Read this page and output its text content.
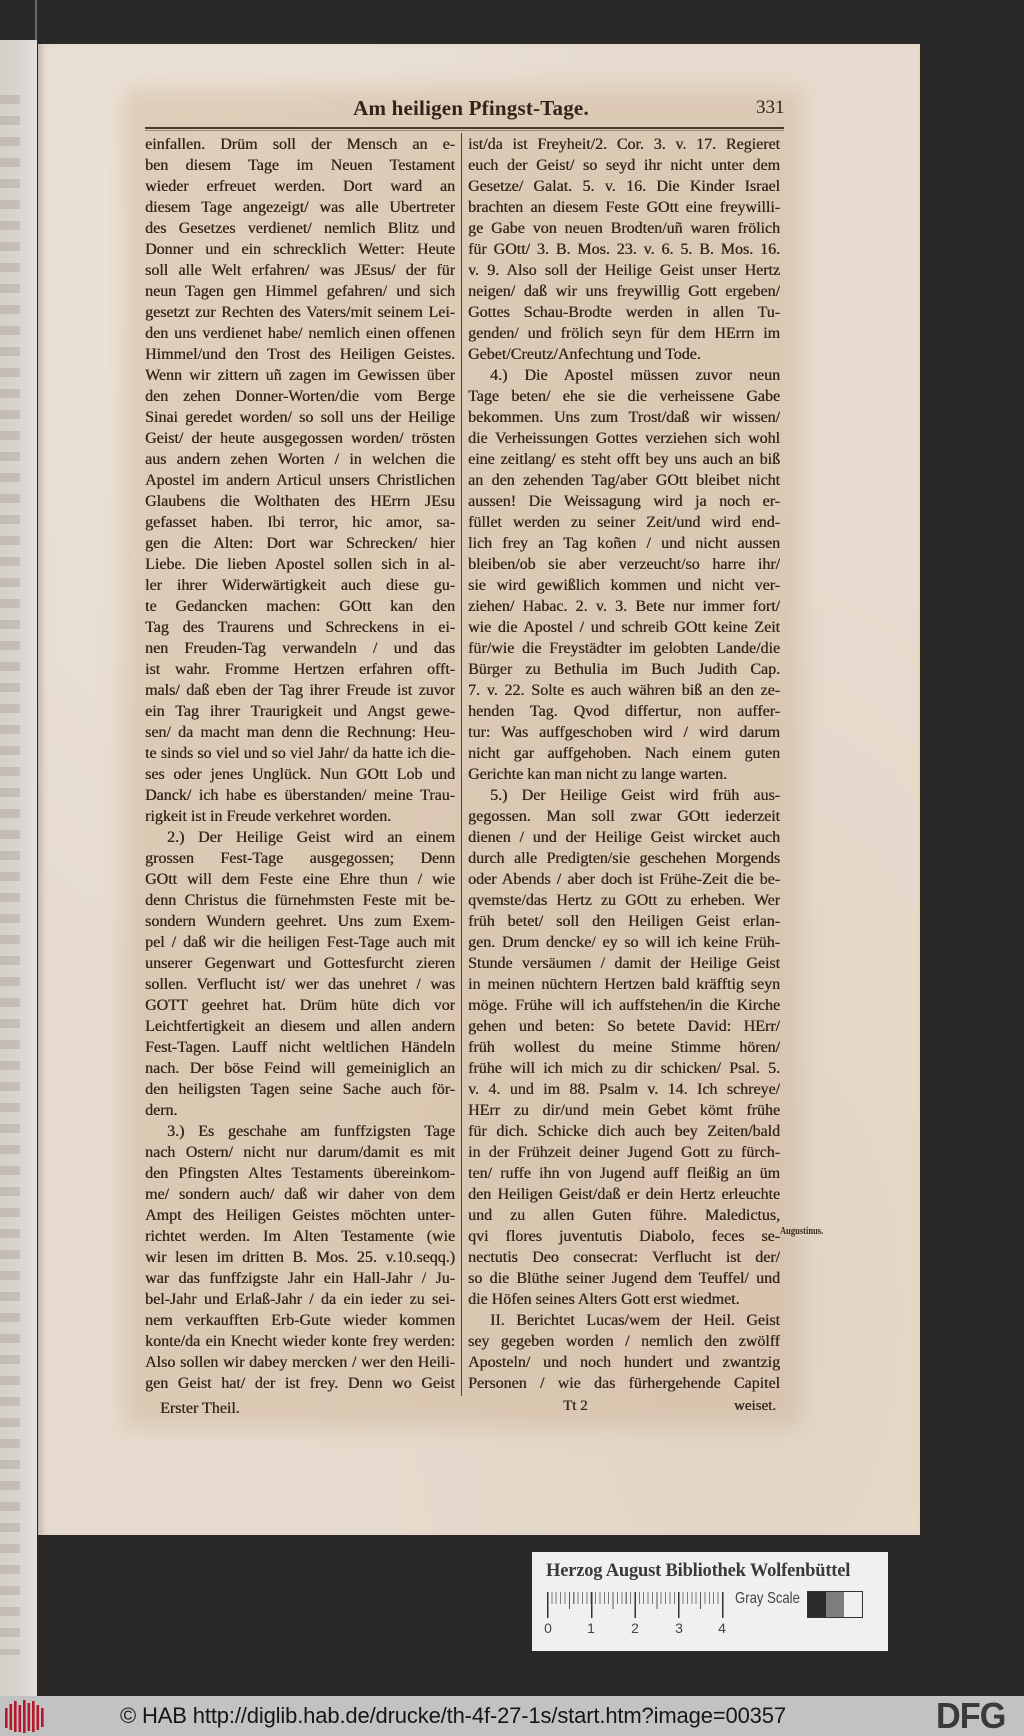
Am heiligen Pfingst-Tage.	331
einfallen. Drüm soll der Mensch an e-
ben diesem Tage im Neuen Testament
wieder erfreuet werden. Dort ward an
diesem Tage angezeigt/ was alle Ubertreter
des Gesetzes verdienet/ nemlich Blitz und
Donner und ein schrecklich Wetter: Heute
soll alle Welt erfahren/ was JEsus/ der für
neun Tagen gen Himmel gefahren/ und sich
gesetzt zur Rechten des Vaters/mit seinem Lei-
den uns verdienet habe/ nemlich einen offenen
Himmel/und den Trost des Heiligen Geistes.
Wenn wir zittern uñ zagen im Gewissen über
den zehen Donner-Worten/die vom Berge
Sinai geredet worden/ so soll uns der Heilige
Geist/ der heute ausgegossen worden/ trösten
aus andern zehen Worten / in welchen die
Apostel im andern Articul unsers Christlichen
Glaubens die Wolthaten des HErrn JEsu
gefasset haben. Ibi terror, hic amor, sa-
gen die Alten: Dort war Schrecken/ hier
Liebe. Die lieben Apostel sollen sich in al-
ler ihrer Widerwärtigkeit auch diese gu-
te Gedancken machen: GOtt kan den
Tag des Traurens und Schreckens in ei-
nen Freuden-Tag verwandeln / und das
ist wahr. Fromme Hertzen erfahren offt-
mals/ daß eben der Tag ihrer Freude ist zuvor
ein Tag ihrer Traurigkeit und Angst gewe-
sen/ da macht man denn die Rechnung: Heu-
te sinds so viel und so viel Jahr/ da hatte ich die-
ses oder jenes Unglück. Nun GOtt Lob und
Danck/ ich habe es überstanden/ meine Trau-
rigkeit ist in Freude verkehret worden.
2.) Der Heilige Geist wird an einem
grossen Fest-Tage ausgegossen; Denn
GOtt will dem Feste eine Ehre thun / wie
denn Christus die fürnehmsten Feste mit be-
sondern Wundern geehret. Uns zum Exem-
pel / daß wir die heiligen Fest-Tage auch mit
unserer Gegenwart und Gottesfurcht zieren
sollen. Verflucht ist/ wer das unehret / was
GOTT geehret hat. Drüm hüte dich vor
Leichtfertigkeit an diesem und allen andern
Fest-Tagen. Lauff nicht weltlichen Händeln
nach. Der böse Feind will gemeiniglich an
den heiligsten Tagen seine Sache auch för-
dern.
3.) Es geschahe am funffzigsten Tage
nach Ostern/ nicht nur darum/damit es mit
den Pfingsten Altes Testaments übereinkom-
me/ sondern auch/ daß wir daher von dem
Ampt des Heiligen Geistes möchten unter-
richtet werden. Im Alten Testamente (wie
wir lesen im dritten B. Mos. 25. v.10.seqq.)
war das funffzigste Jahr ein Hall-Jahr / Ju-
bel-Jahr und Erlaß-Jahr / da ein ieder zu sei-
nem verkaufften Erb-Gute wieder kommen
konte/da ein Knecht wieder konte frey werden:
Also sollen wir dabey mercken / wer den Heili-
gen Geist hat/ der ist frey. Denn wo Geist
ist/da ist Freyheit/2. Cor. 3. v. 17. Regieret
euch der Geist/ so seyd ihr nicht unter dem
Gesetze/ Galat. 5. v. 16. Die Kinder Israel
brachten an diesem Feste GOtt eine freywilli-
ge Gabe von neuen Brodten/uñ waren frölich
für GOtt/ 3. B. Mos. 23. v. 6. 5. B. Mos. 16.
v. 9. Also soll der Heilige Geist unser Hertz
neigen/ daß wir uns freywillig Gott ergeben/
Gottes Schau-Brodte werden in allen Tu-
genden/ und frölich seyn für dem HErrn im
Gebet/Creutz/Anfechtung und Tode.
4.) Die Apostel müssen zuvor neun
Tage beten/ ehe sie die verheissene Gabe
bekommen. Uns zum Trost/daß wir wissen/
die Verheissungen Gottes verziehen sich wohl
eine zeitlang/ es steht offt bey uns auch an biß
an den zehenden Tag/aber GOtt bleibet nicht
aussen! Die Weissagung wird ja noch er-
füllet werden zu seiner Zeit/und wird end-
lich frey an Tag koñen / und nicht aussen
bleiben/ob sie aber verzeucht/so harre ihr/
sie wird gewißlich kommen und nicht ver-
ziehen/ Habac. 2. v. 3. Bete nur immer fort/
wie die Apostel / und schreib GOtt keine Zeit
für/wie die Freystädter im gelobten Lande/die
Bürger zu Bethulia im Buch Judith Cap.
7. v. 22. Solte es auch währen biß an den ze-
henden Tag. Qvod differtur, non auffer-
tur: Was auffgeschoben wird / wird darum
nicht gar auffgehoben. Nach einem guten
Gerichte kan man nicht zu lange warten.
5.) Der Heilige Geist wird früh aus-
gegossen. Man soll zwar GOtt iederzeit
dienen / und der Heilige Geist wircket auch
durch alle Predigten/sie geschehen Morgends
oder Abends / aber doch ist Frühe-Zeit die be-
qvemste/das Hertz zu GOtt zu erheben. Wer
früh betet/ soll den Heiligen Geist erlan-
gen. Drum dencke/ ey so will ich keine Früh-
Stunde versäumen / damit der Heilige Geist
in meinen nüchtern Hertzen bald kräfftig seyn
möge. Frühe will ich auffstehen/in die Kirche
gehen und beten: So betete David: HErr/
früh wollest du meine Stimme hören/
frühe will ich mich zu dir schicken/ Psal. 5.
v. 4. und im 88. Psalm v. 14. Ich schreye/
HErr zu dir/und mein Gebet kömt frühe
für dich. Schicke dich auch bey Zeiten/bald
in der Frühzeit deiner Jugend Gott zu fürch-
ten/ ruffe ihn von Jugend auff fleißig an üm
den Heiligen Geist/daß er dein Hertz erleuchte
und zu allen Guten führe. Maledictus,
qvi flores juventutis Diabolo, feces se-
nectutis Deo consecrat: Verflucht ist der/
so die Blüthe seiner Jugend dem Teuffel/ und
die Höfen seines Alters Gott erst wiedmet.
II. Berichtet Lucas/wem der Heil. Geist
sey gegeben worden / nemlich den zwölff
Aposteln/ und noch hundert und zwantzig
Personen / wie das fürhergehende Capitel
Augustinus.
Erster Theil.	Tt 2	weiset.
Herzog August Bibliothek Wolfenbüttel
0	1	2	3	4
Gray Scale
© HAB http://diglib.hab.de/drucke/th-4f-27-1s/start.htm?image=00357	DFG
